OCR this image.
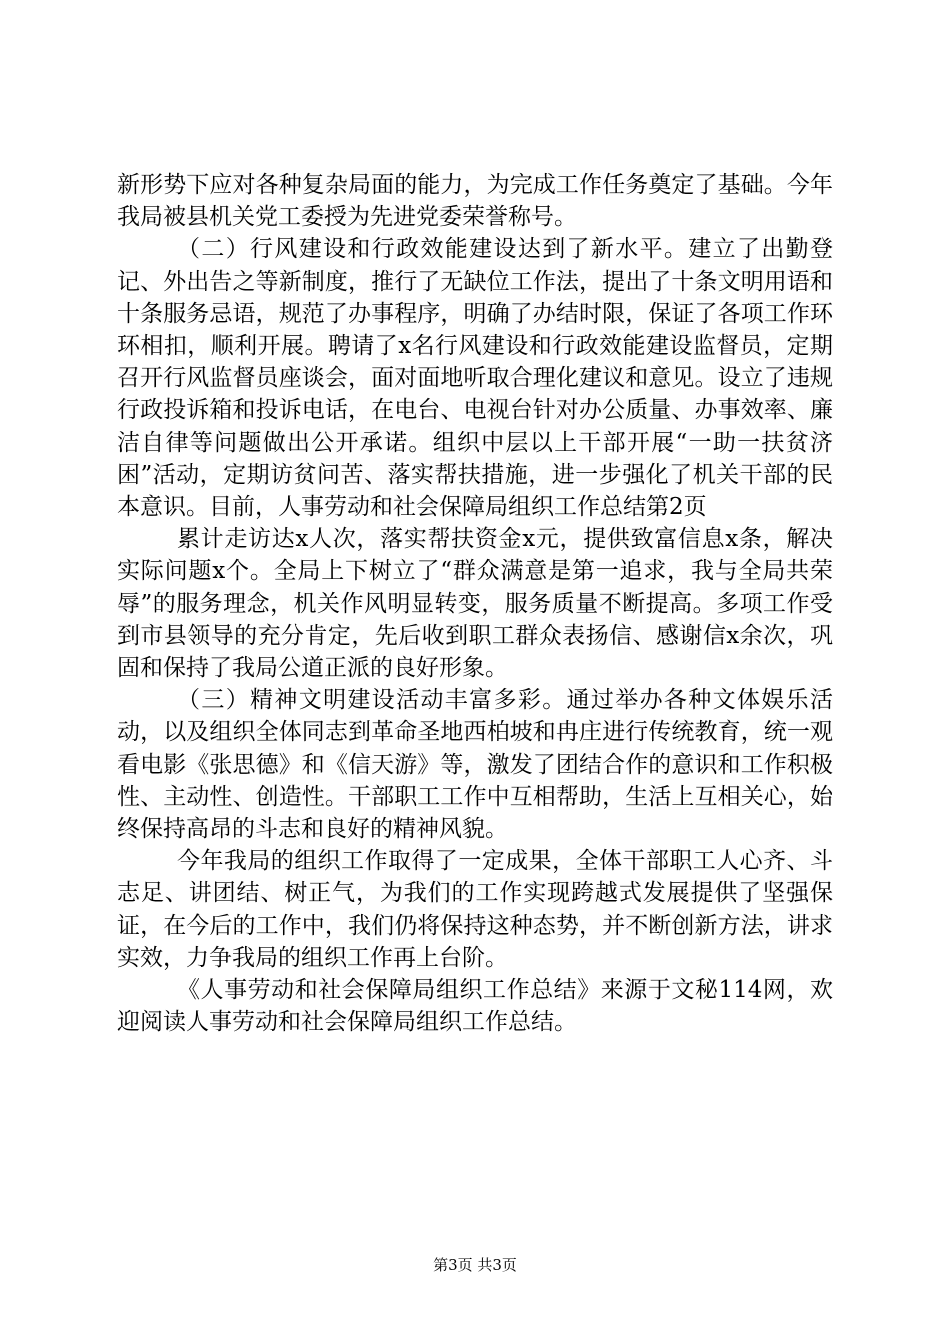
新形势下应对各种复杂局面的能力，为完成工作任务奠定了基础。今年我局被县机关党工委授为先进党委荣誉称号。

（二）行风建设和行政效能建设达到了新水平。建立了出勤登记、外出告之等新制度，推行了无缺位工作法，提出了十条文明用语和十条服务忌语，规范了办事程序，明确了办结时限，保证了各项工作环环相扣，顺利开展。聘请了x名行风建设和行政效能建设监督员，定期召开行风监督员座谈会，面对面地听取合理化建议和意见。设立了违规行政投诉箱和投诉电话，在电台、电视台针对办公质量、办事效率、廉洁自律等问题做出公开承诺。组织中层以上干部开展“一助一扶贫济困”活动，定期访贫问苦、落实帮扶措施，进一步强化了机关干部的民本意识。目前，人事劳动和社会保障局组织工作总结第2页

累计走访达x人次，落实帮扶资金x元，提供致富信息x条，解决实际问题x个。全局上下树立了“群众满意是第一追求，我与全局共荣辱”的服务理念，机关作风明显转变，服务质量不断提高。多项工作受到市县领导的充分肯定，先后收到职工群众表扬信、感谢信x余次，巩固和保持了我局公道正派的良好形象。

（三）精神文明建设活动丰富多彩。通过举办各种文体娱乐活动，以及组织全体同志到革命圣地西柏坡和冉庄进行传统教育，统一观看电影《张思德》和《信天游》等，激发了团结合作的意识和工作积极性、主动性、创造性。干部职工工作中互相帮助，生活上互相关心，始终保持高昂的斗志和良好的精神风貌。

今年我局的组织工作取得了一定成果，全体干部职工人心齐、斗志足、讲团结、树正气，为我们的工作实现跨越式发展提供了坚强保证，在今后的工作中，我们仍将保持这种态势，并不断创新方法，讲求实效，力争我局的组织工作再上台阶。

《人事劳动和社会保障局组织工作总结》来源于文秘114网，欢迎阅读人事劳动和社会保障局组织工作总结。

第3页 共3页
